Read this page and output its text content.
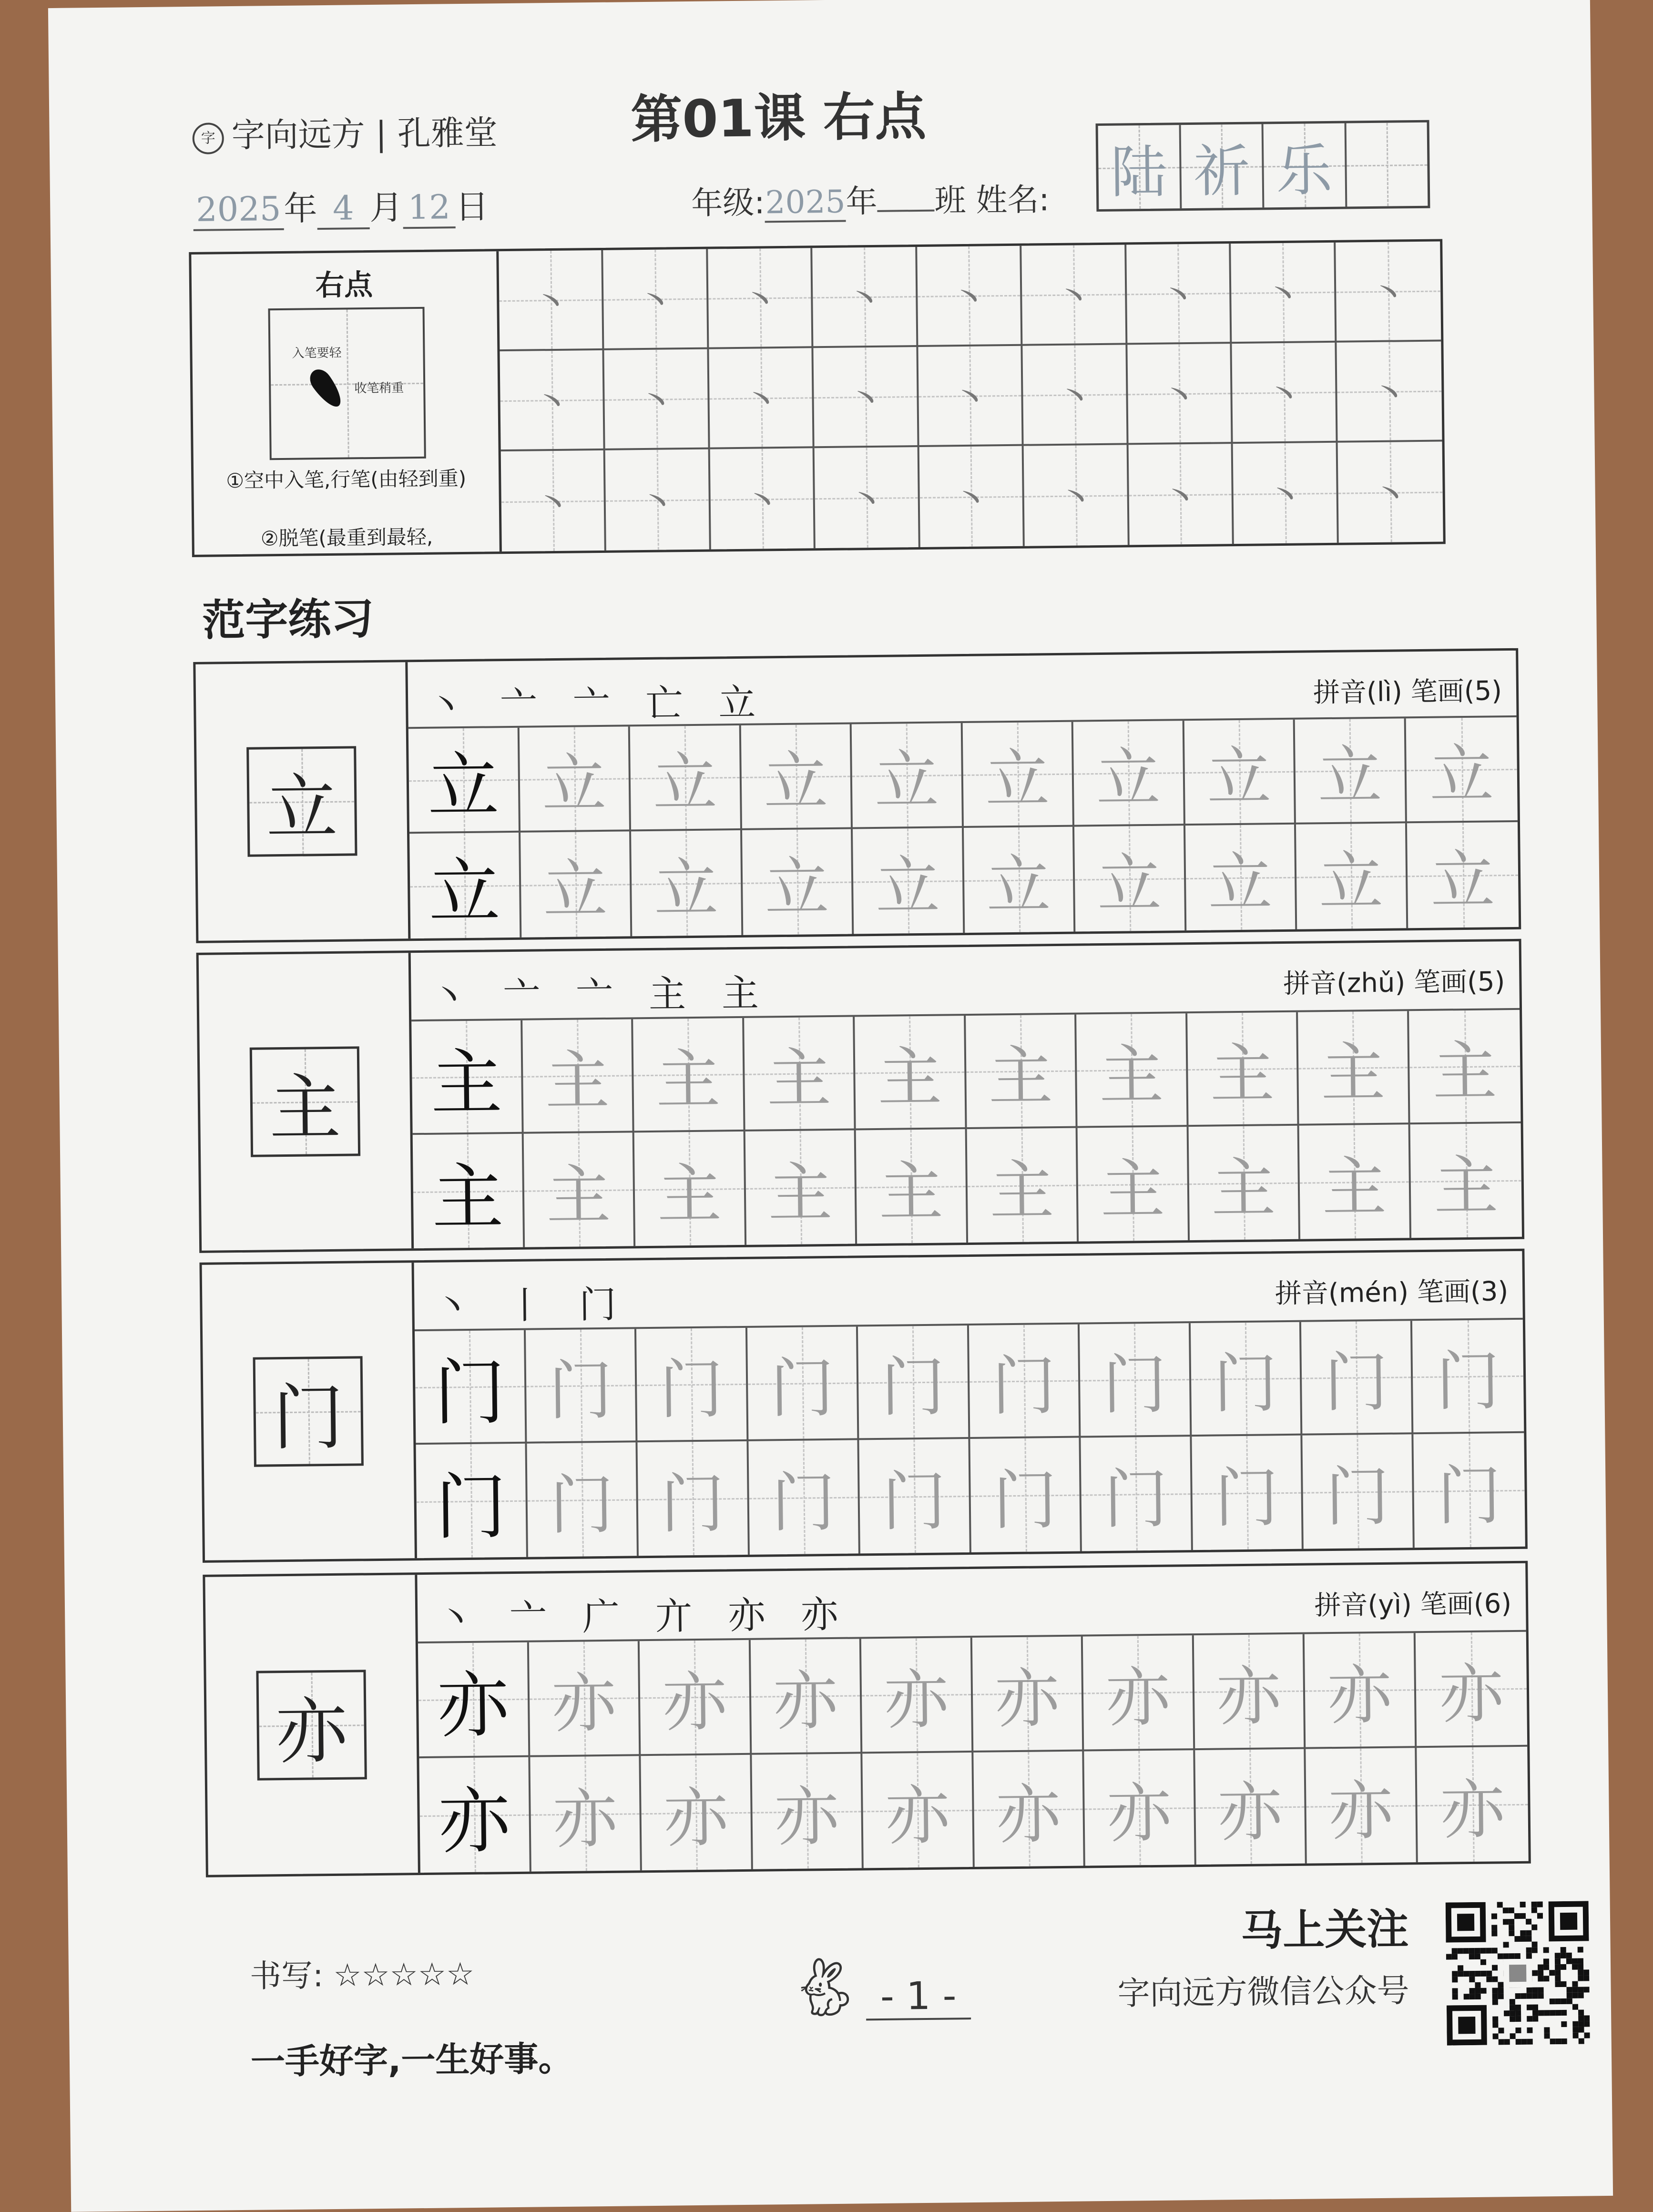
字 字向远方 | 孔雅堂	第01课 右点
2025年 4 月 12 日	年级:2025年 班 姓名: 陆 祈 乐
右点
入笔要轻
收笔稍重
①空中入笔,行笔(由轻到重)
②脱笔(最重到最轻,
丶 丶 丶 丶 丶 丶 丶 丶 丶
丶 丶 丶 丶 丶 丶 丶 丶 丶
丶 丶 丶 丶 丶 丶 丶 丶 丶
范字练习
立
丶 亠 亠 亡 立	拼音(lì) 笔画(5)
立 立 立 立 立 立 立 立 立 立
立 立 立 立 立 立 立 立 立 立
主
丶 亠 亠 主 主	拼音(zhǔ) 笔画(5)
主 主 主 主 主 主 主 主 主 主
主 主 主 主 主 主 主 主 主 主
门
丶 丨 门	拼音(mén) 笔画(3)
门 门 门 门 门 门 门 门 门 门
门 门 门 门 门 门 门 门 门 门
亦
丶 亠 广 亣 亦 亦	拼音(yì) 笔画(6)
亦 亦 亦 亦 亦 亦 亦 亦 亦 亦
亦 亦 亦 亦 亦 亦 亦 亦 亦 亦
书写: ☆☆☆☆☆
一手好字,一生好事。
🐇︎ - 1 -
马上关注
字向远方微信公众号
